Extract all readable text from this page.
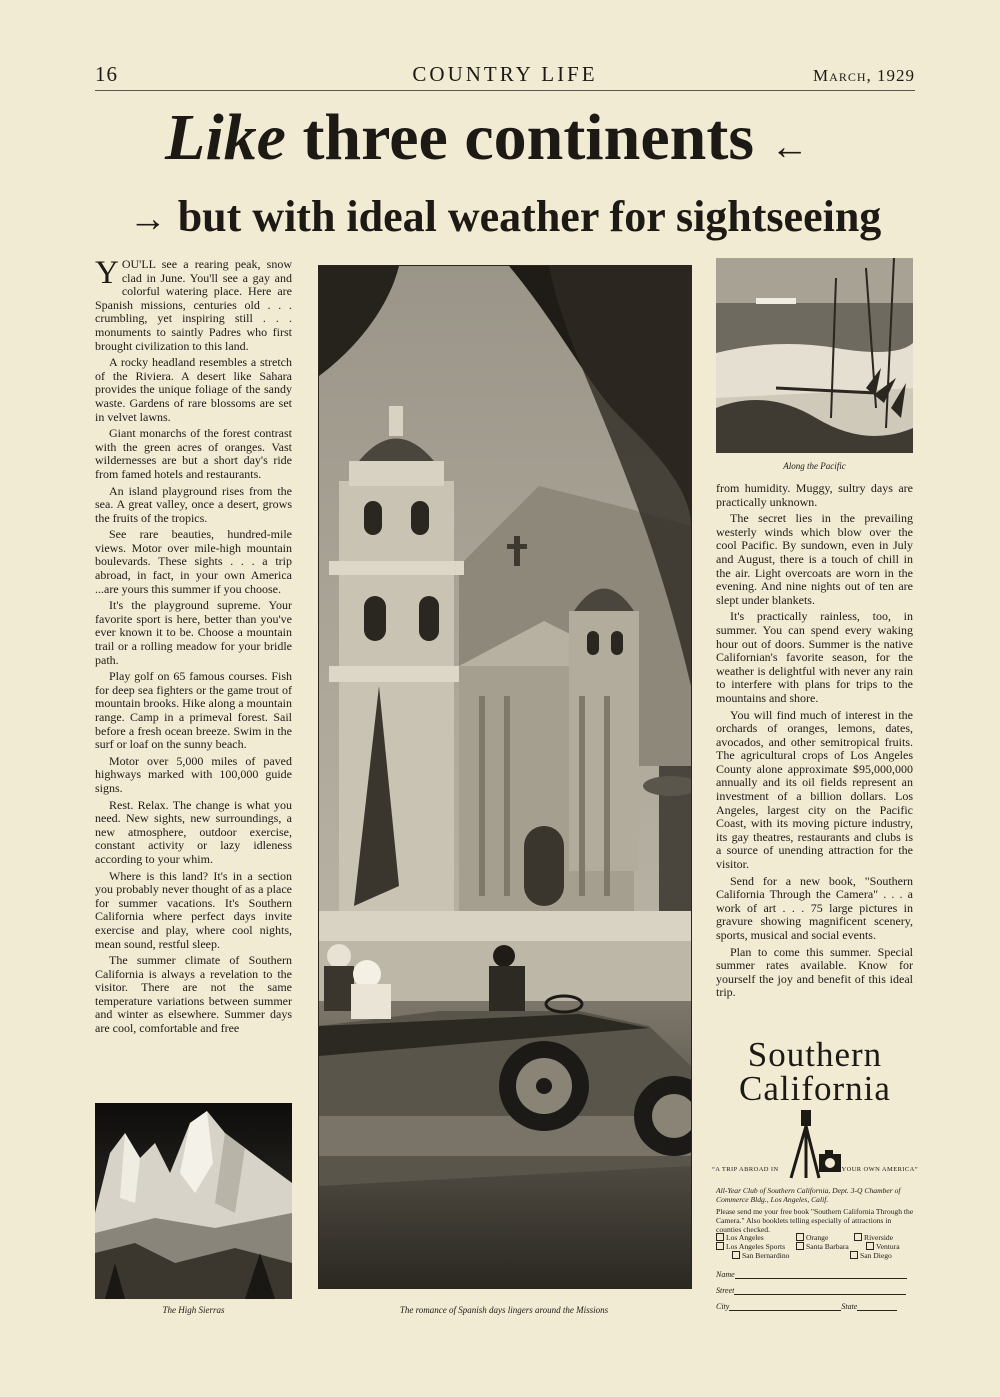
16	COUNTRY LIFE	March, 1929
Like three continents ←
→ but with ideal weather for sightseeing

YOU'LL see a rearing peak, snow clad in June. You'll see a gay and colorful watering place. Here are Spanish missions, centuries old . . . crumbling, yet inspiring still . . . monuments to saintly Padres who first brought civilization to this land.

A rocky headland resembles a stretch of the Riviera. A desert like Sahara provides the unique foliage of the sandy waste. Gardens of rare blossoms are set in velvet lawns.

Giant monarchs of the forest contrast with the green acres of oranges. Vast wildernesses are but a short day's ride from famed hotels and restaurants.

An island playground rises from the sea. A great valley, once a desert, grows the fruits of the tropics.

See rare beauties, hundred-mile views. Motor over mile-high mountain boulevards. These sights . . . a trip abroad, in fact, in your own America ...are yours this summer if you choose.

It's the playground supreme. Your favorite sport is here, better than you've ever known it to be. Choose a mountain trail or a rolling meadow for your bridle path.

Play golf on 65 famous courses. Fish for deep sea fighters or the game trout of mountain brooks. Hike along a mountain range. Camp in a primeval forest. Sail before a fresh ocean breeze. Swim in the surf or loaf on the sunny beach.

Motor over 5,000 miles of paved highways marked with 100,000 guide signs.

Rest. Relax. The change is what you need. New sights, new surroundings, a new atmosphere, outdoor exercise, constant activity or lazy idleness according to your whim.

Where is this land? It's in a section you probably never thought of as a place for summer vacations. It's Southern California where perfect days invite exercise and play, where cool nights, mean sound, restful sleep.

The summer climate of Southern California is always a revelation to the visitor. There are not the same temperature variations between summer and winter as elsewhere. Summer days are cool, comfortable and free

The High Sierras	The romance of Spanish days lingers around the Missions
Along the Pacific

from humidity. Muggy, sultry days are practically unknown.

The secret lies in the prevailing westerly winds which blow over the cool Pacific. By sundown, even in July and August, there is a touch of chill in the air. Light overcoats are worn in the evening. And nine nights out of ten are slept under blankets.

It's practically rainless, too, in summer. You can spend every waking hour out of doors. Summer is the native Californian's favorite season, for the weather is delightful with never any rain to interfere with plans for trips to the mountains and shore.

You will find much of interest in the orchards of oranges, lemons, dates, avocados, and other semitropical fruits. The agricultural crops of Los Angeles County alone approximate $95,000,000 annually and its oil fields represent an investment of a billion dollars. Los Angeles, largest city on the Pacific Coast, with its moving picture industry, its gay theatres, restaurants and clubs is a source of unending attraction for the visitor.

Send for a new book, "Southern California Through the Camera" . . . a work of art . . . 75 large pictures in gravure showing magnificent scenery, sports, musical and social events.

Plan to come this summer. Special summer rates available. Know for yourself the joy and benefit of this ideal trip.

Southern
California
“A TRIP ABROAD IN	YOUR OWN AMERICA”
All-Year Club of Southern California, Dept. 3-Q Chamber of Commerce Bldg., Los Angeles, Calif.
Please send me your free book "Southern California Through the Camera." Also booklets telling especially of attractions in counties checked.
Los Angeles	Orange	Riverside
Los Angeles Sports	Santa Barbara	Ventura
San Bernardino	San Diego
Name
Street
City	State
